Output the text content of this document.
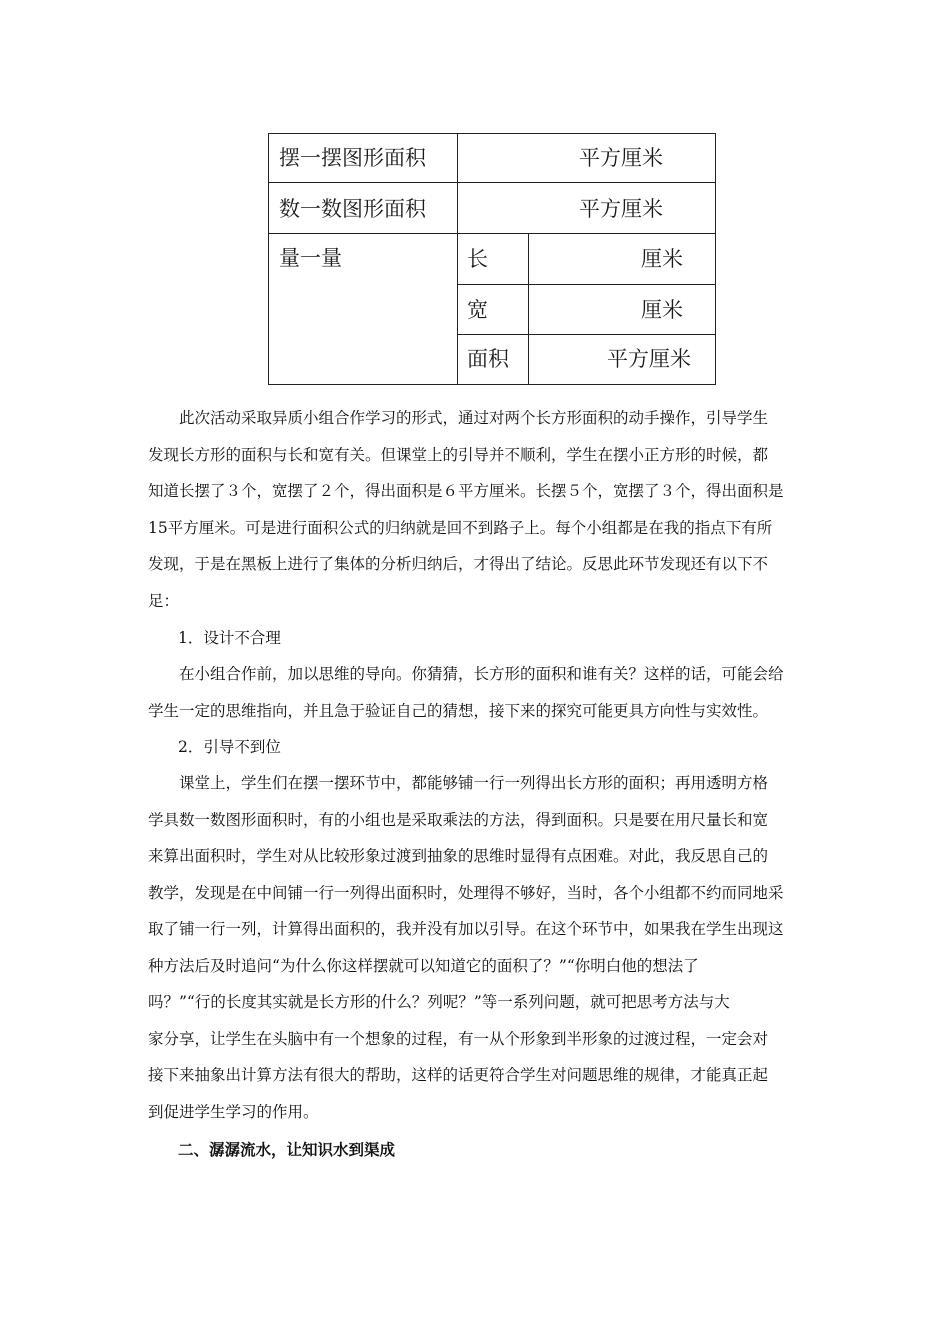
摆一摆图形面积	平方厘米
数一数图形面积	平方厘米
量一量	长	厘米
宽	厘米
面积	平方厘米
　　此次活动采取异质小组合作学习的形式，通过对两个长方形面积的动手操作，引导学生
发现长方形的面积与长和宽有关。但课堂上的引导并不顺利，学生在摆小正方形的时候，都
知道长摆了３个，宽摆了２个，得出面积是６平方厘米。长摆５个，宽摆了３个，得出面积是
15平方厘米。可是进行面积公式的归纳就是回不到路子上。每个小组都是在我的指点下有所
发现，于是在黑板上进行了集体的分析归纳后，才得出了结论。反思此环节发现还有以下不
足：
1．设计不合理
　　在小组合作前，加以思维的导向。你猜猜，长方形的面积和谁有关？这样的话，可能会给
学生一定的思维指向，并且急于验证自己的猜想，接下来的探究可能更具方向性与实效性。
2．引导不到位
　　课堂上，学生们在摆一摆环节中，都能够铺一行一列得出长方形的面积；再用透明方格
学具数一数图形面积时，有的小组也是采取乘法的方法，得到面积。只是要在用尺量长和宽
来算出面积时，学生对从比较形象过渡到抽象的思维时显得有点困难。对此，我反思自己的
教学，发现是在中间铺一行一列得出面积时，处理得不够好，当时，各个小组都不约而同地采
取了铺一行一列，计算得出面积的，我并没有加以引导。在这个环节中，如果我在学生出现这
种方法后及时追问“为什么你这样摆就可以知道它的面积了？”“你明白他的想法了
吗？”“行的长度其实就是长方形的什么？列呢？”等一系列问题，就可把思考方法与大
家分享，让学生在头脑中有一个想象的过程，有一从个形象到半形象的过渡过程，一定会对
接下来抽象出计算方法有很大的帮助，这样的话更符合学生对问题思维的规律，才能真正起
到促进学生学习的作用。
二、潺潺流水，让知识水到渠成
